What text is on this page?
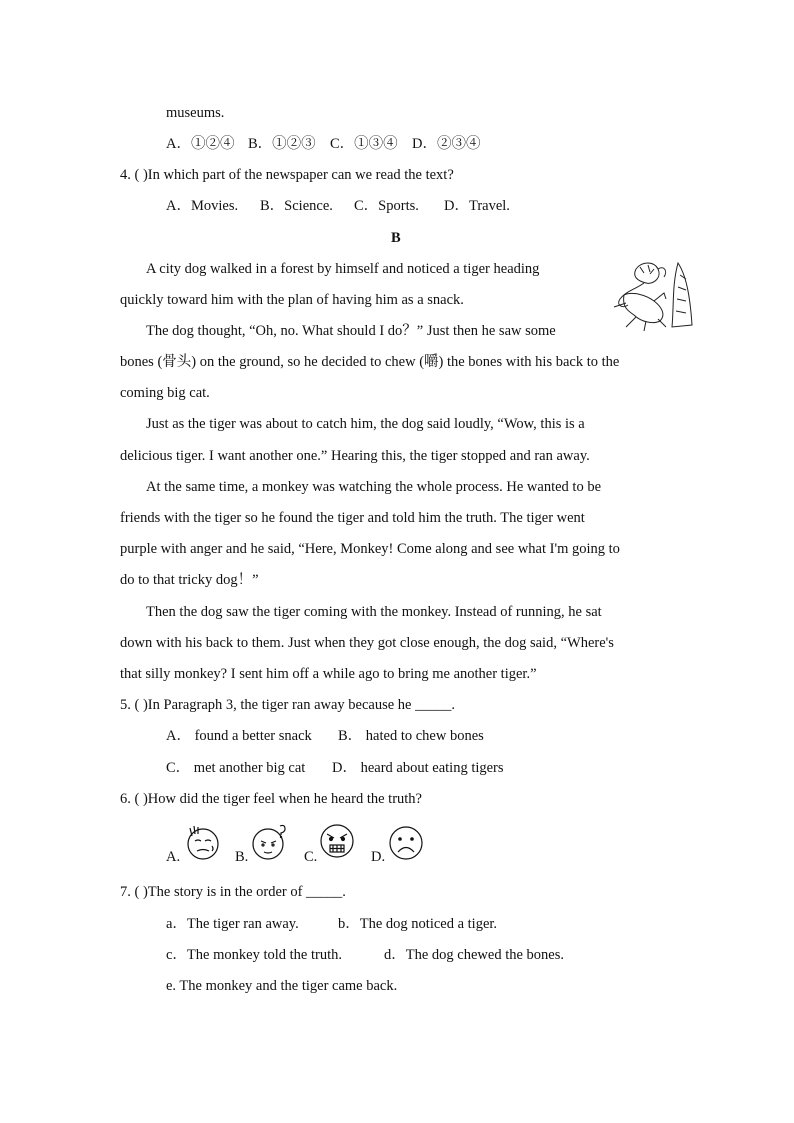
museums.
A．①②④ B．①②③ C．①③④ D．②③④
4. ( )In which part of the newspaper can we read the text?
A．Movies. B．Science. C．Sports. D．Travel.
B
A city dog walked in a forest by himself and noticed a tiger heading
quickly toward him with the plan of having him as a snack.
The dog thought, “Oh, no. What should I do？” Just then he saw some
bones (骨头) on the ground, so he decided to chew (嚼) the bones with his back to the
coming big cat.
Just as the tiger was about to catch him, the dog said loudly, “Wow, this is a
delicious tiger. I want another one.” Hearing this, the tiger stopped and ran away.
At the same time, a monkey was watching the whole process. He wanted to be
friends with the tiger so he found the tiger and told him the truth. The tiger went
purple with anger and he said, “Here, Monkey! Come along and see what I'm going to
do to that tricky dog！”
Then the dog saw the tiger coming with the monkey. Instead of running, he sat
down with his back to them. Just when they got close enough, the dog said, “Where's
that silly monkey? I sent him off a while ago to bring me another tiger.”
5. ( )In Paragraph 3, the tiger ran away because he _____.
A． found a better snack B． hated to chew bones
C． met another big cat D． heard about eating tigers
6. ( )How did the tiger feel when he heard the truth?
A.	B.	C.	D.
7. ( )The story is in the order of _____.
a．The tiger ran away.	b．The dog noticed a tiger.
c．The monkey told the truth.	d．The dog chewed the bones.
e. The monkey and the tiger came back.
